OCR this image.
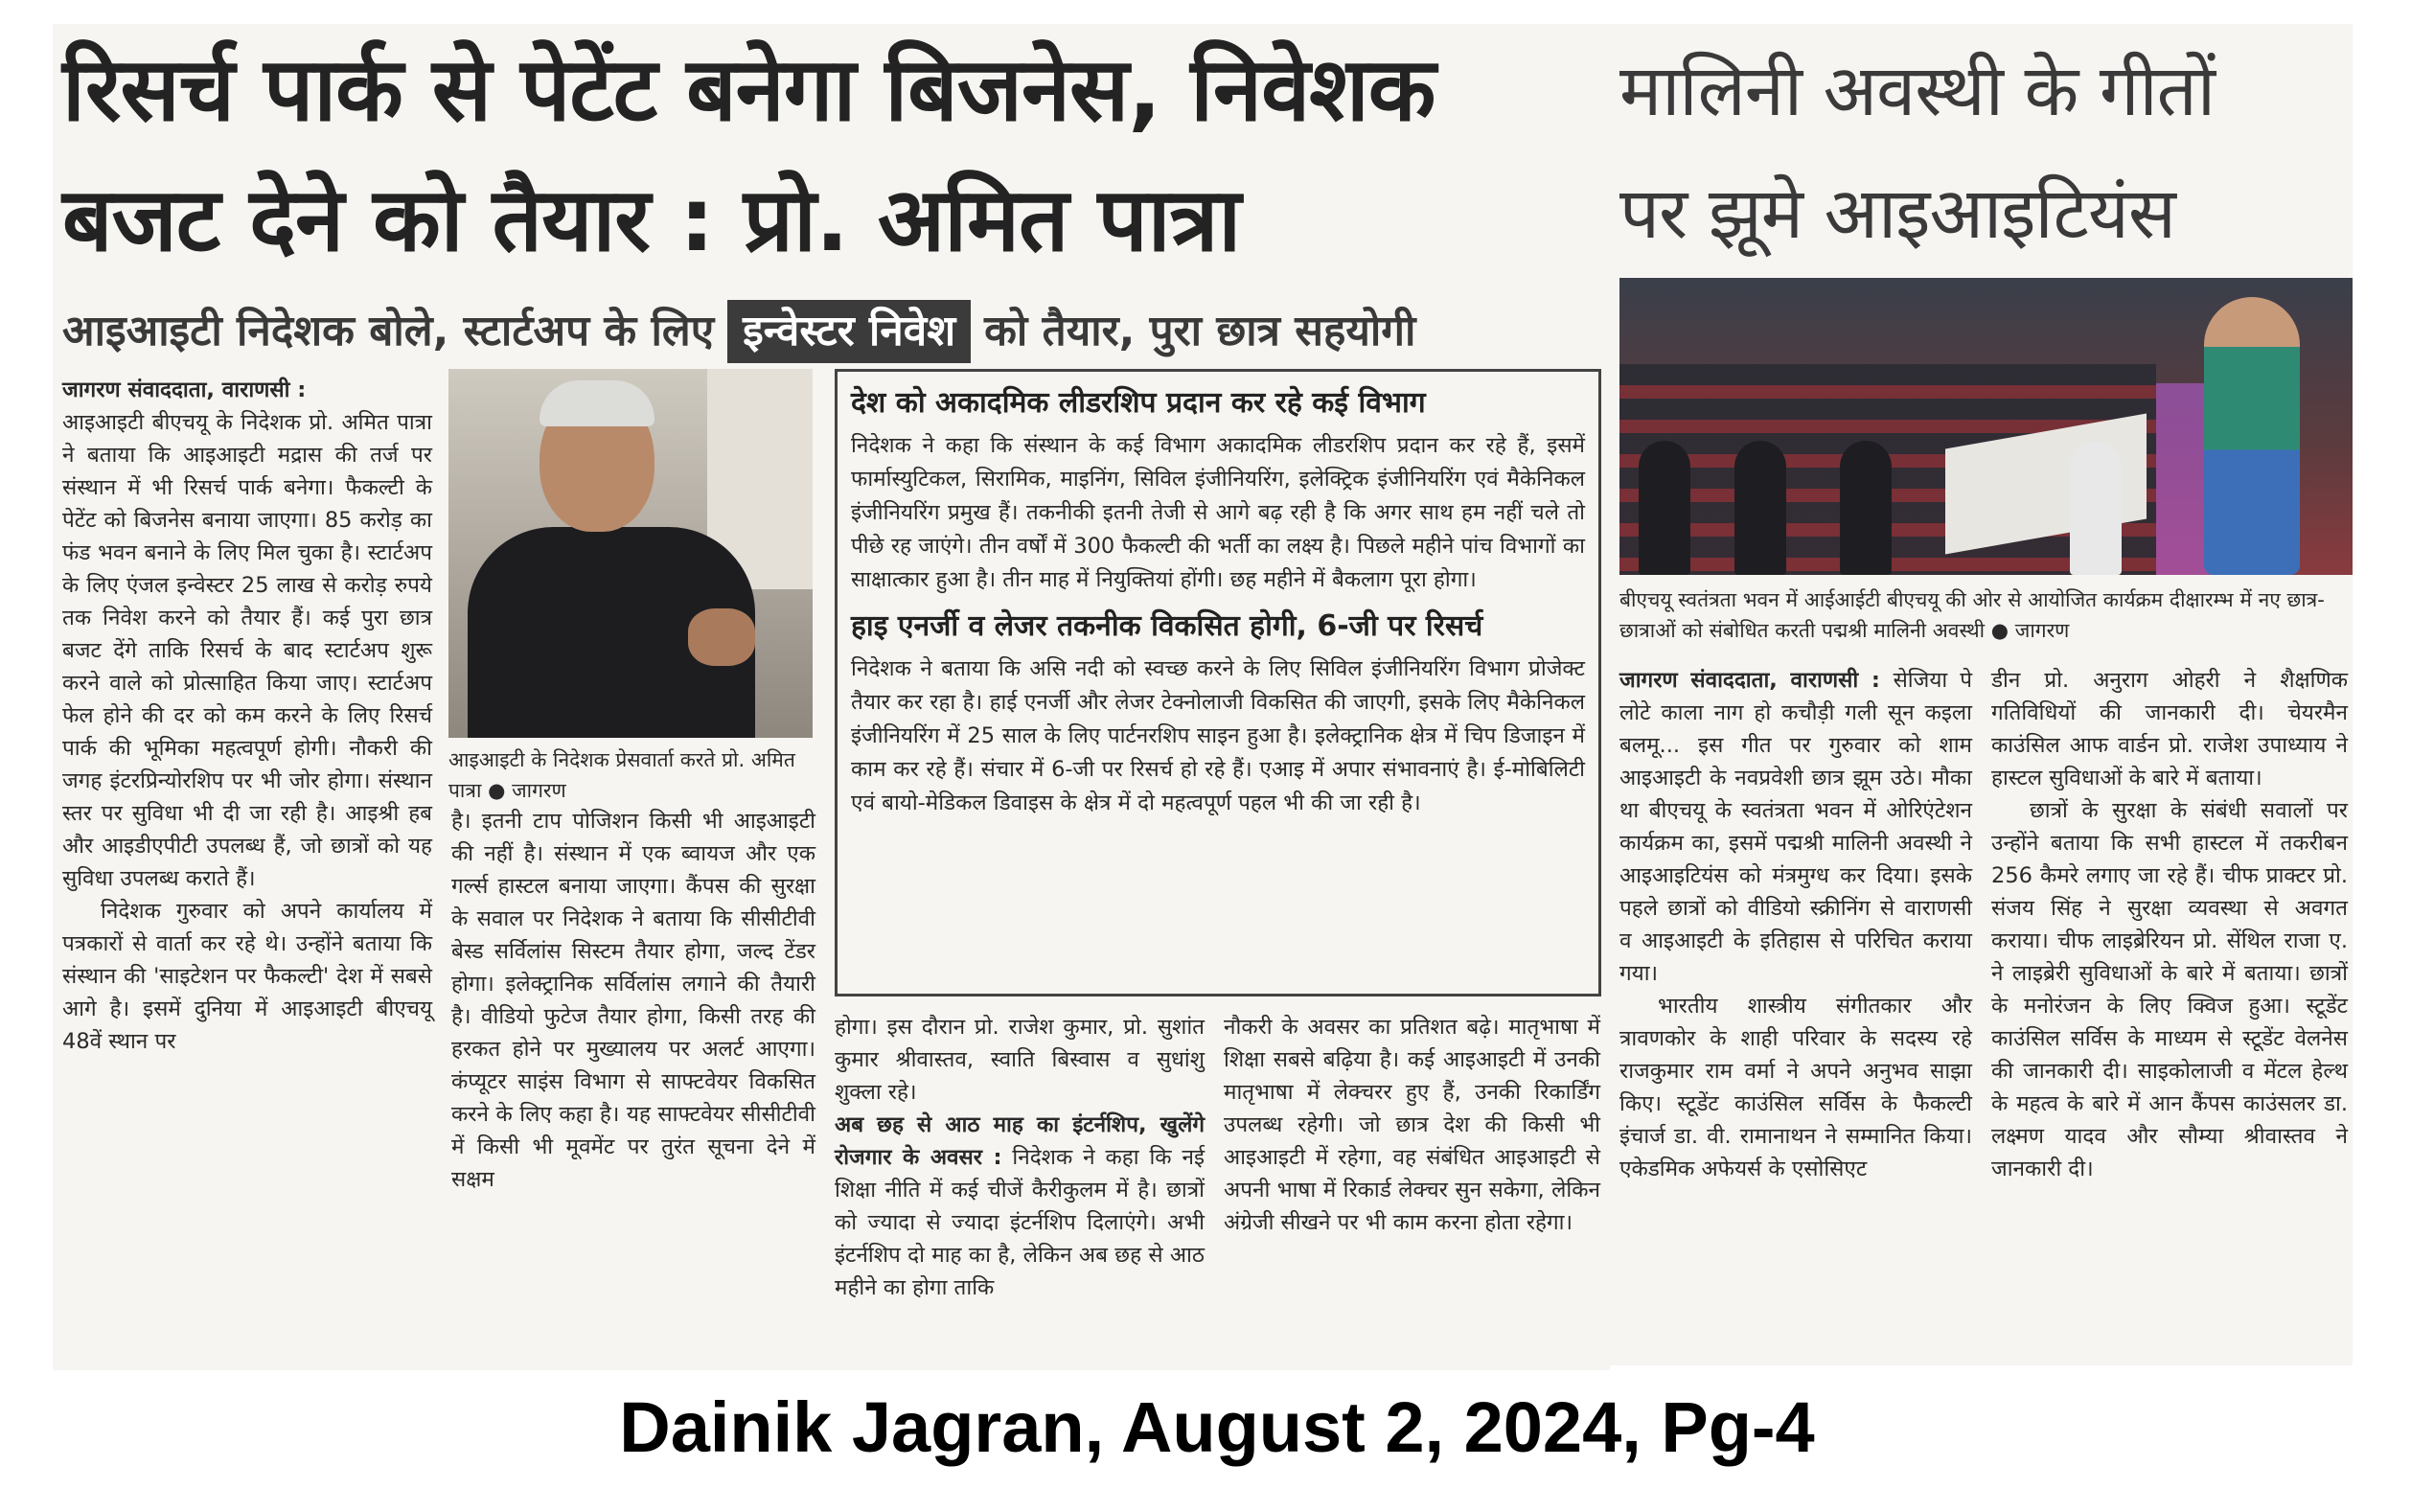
रिसर्च पार्क से पेटेंट बनेगा बिजनेस, निवेशक
बजट देने को तैयार : प्रो. अमित पात्रा
आइआइटी निदेशक बोले, स्टार्टअप के लिए इन्वेस्टर निवेश को तैयार, पुरा छात्र सहयोगी

जागरण संवाददाता, वाराणसी :

आइआइटी बीएचयू के निदेशक प्रो. अमित पात्रा ने बताया कि आइआइटी मद्रास की तर्ज पर संस्थान में भी रिसर्च पार्क बनेगा। फैकल्टी के पेटेंट को बिजनेस बनाया जाएगा। 85 करोड़ का फंड भवन बनाने के लिए मिल चुका है। स्टार्टअप के लिए एंजल इन्वेस्टर 25 लाख से करोड़ रुपये तक निवेश करने को तैयार हैं। कई पुरा छात्र बजट देंगे ताकि रिसर्च के बाद स्टार्टअप शुरू करने वाले को प्रोत्साहित किया जाए। स्टार्टअप फेल होने की दर को कम करने के लिए रिसर्च पार्क की भूमिका महत्वपूर्ण होगी। नौकरी की जगह इंटरप्रिन्योरशिप पर भी जोर होगा। संस्थान स्तर पर सुविधा भी दी जा रही है। आइश्री हब और आइडीएपीटी उपलब्ध हैं, जो छात्रों को यह सुविधा उपलब्ध कराते हैं।

निदेशक गुरुवार को अपने कार्यालय में पत्रकारों से वार्ता कर रहे थे। उन्होंने बताया कि संस्थान की 'साइटेशन पर फैकल्टी' देश में सबसे आगे है। इसमें दुनिया में आइआइटी बीएचयू 48वें स्थान पर

आइआइटी के निदेशक प्रेसवार्ता करते प्रो. अमित पात्रा ● जागरण

है। इतनी टाप पोजिशन किसी भी आइआइटी की नहीं है। संस्थान में एक ब्वायज और एक गर्ल्स हास्टल बनाया जाएगा। कैंपस की सुरक्षा के सवाल पर निदेशक ने बताया कि सीसीटीवी बेस्ड सर्विलांस सिस्टम तैयार होगा, जल्द टेंडर होगा। इलेक्ट्रानिक सर्विलांस लगाने की तैयारी है। वीडियो फुटेज तैयार होगा, किसी तरह की हरकत होने पर मुख्यालय पर अलर्ट आएगा। कंप्यूटर साइंस विभाग से साफ्टवेयर विकसित करने के लिए कहा है। यह साफ्टवेयर सीसीटीवी में किसी भी मूवमेंट पर तुरंत सूचना देने में सक्षम

देश को अकादमिक लीडरशिप प्रदान कर रहे कई विभाग

निदेशक ने कहा कि संस्थान के कई विभाग अकादमिक लीडरशिप प्रदान कर रहे हैं, इसमें फार्मास्युटिकल, सिरामिक, माइनिंग, सिविल इंजीनियरिंग, इलेक्ट्रिक इंजीनियरिंग एवं मैकेनिकल इंजीनियरिंग प्रमुख हैं। तकनीकी इतनी तेजी से आगे बढ़ रही है कि अगर साथ हम नहीं चले तो पीछे रह जाएंगे। तीन वर्षों में 300 फैकल्टी की भर्ती का लक्ष्य है। पिछले महीने पांच विभागों का साक्षात्कार हुआ है। तीन माह में नियुक्तियां होंगी। छह महीने में बैकलाग पूरा होगा।

हाइ एनर्जी व लेजर तकनीक विकसित होगी, 6-जी पर रिसर्च

निदेशक ने बताया कि असि नदी को स्वच्छ करने के लिए सिविल इंजीनियरिंग विभाग प्रोजेक्ट तैयार कर रहा है। हाई एनर्जी और लेजर टेक्नोलाजी विकसित की जाएगी, इसके लिए मैकेनिकल इंजीनियरिंग में 25 साल के लिए पार्टनरशिप साइन हुआ है। इलेक्ट्रानिक क्षेत्र में चिप डिजाइन में काम कर रहे हैं। संचार में 6-जी पर रिसर्च हो रहे हैं। एआइ में अपार संभावनाएं है। ई-मोबिलिटी एवं बायो-मेडिकल डिवाइस के क्षेत्र में दो महत्वपूर्ण पहल भी की जा रही है।

होगा। इस दौरान प्रो. राजेश कुमार, प्रो. सुशांत कुमार श्रीवास्तव, स्वाति बिस्वास व सुधांशु शुक्ला रहे।

अब छह से आठ माह का इंटर्नशिप, खुलेंगे रोजगार के अवसर : निदेशक ने कहा कि नई शिक्षा नीति में कई चीजें कैरीकुलम में है। छात्रों को ज्यादा से ज्यादा इंटर्नशिप दिलाएंगे। अभी इंटर्नशिप दो माह का है, लेकिन अब छह से आठ महीने का होगा ताकि

नौकरी के अवसर का प्रतिशत बढ़े। मातृभाषा में शिक्षा सबसे बढ़िया है। कई आइआइटी में उनकी मातृभाषा में लेक्चरर हुए हैं, उनकी रिकार्डिंग उपलब्ध रहेगी। जो छात्र देश की किसी भी आइआइटी में रहेगा, वह संबंधित आइआइटी से अपनी भाषा में रिकार्ड लेक्चर सुन सकेगा, लेकिन अंग्रेजी सीखने पर भी काम करना होता रहेगा।

मालिनी अवस्थी के गीतों
पर झूमे आइआइटियंस
बीएचयू स्वतंत्रता भवन में आईआईटी बीएचयू की ओर से आयोजित कार्यक्रम दीक्षारम्भ में नए छात्र-छात्राओं को संबोधित करती पद्मश्री मालिनी अवस्थी ● जागरण

जागरण संवाददाता, वाराणसी : सेजिया पे लोटे काला नाग हो कचौड़ी गली सून कइला बलमू... इस गीत पर गुरुवार को शाम आइआइटी के नवप्रवेशी छात्र झूम उठे। मौका था बीएचयू के स्वतंत्रता भवन में ओरिएंटेशन कार्यक्रम का, इसमें पद्मश्री मालिनी अवस्थी ने आइआइटियंस को मंत्रमुग्ध कर दिया। इसके पहले छात्रों को वीडियो स्क्रीनिंग से वाराणसी व आइआइटी के इतिहास से परिचित कराया गया।

भारतीय शास्त्रीय संगीतकार और त्रावणकोर के शाही परिवार के सदस्य रहे राजकुमार राम वर्मा ने अपने अनुभव साझा किए। स्टूडेंट काउंसिल सर्विस के फैकल्टी इंचार्ज डा. वी. रामानाथन ने सम्मानित किया। एकेडमिक अफेयर्स के एसोसिएट

डीन प्रो. अनुराग ओहरी ने शैक्षणिक गतिविधियों की जानकारी दी। चेयरमैन काउंसिल आफ वार्डन प्रो. राजेश उपाध्याय ने हास्टल सुविधाओं के बारे में बताया।

छात्रों के सुरक्षा के संबंधी सवालों पर उन्होंने बताया कि सभी हास्टल में तकरीबन 256 कैमरे लगाए जा रहे हैं। चीफ प्राक्टर प्रो. संजय सिंह ने सुरक्षा व्यवस्था से अवगत कराया। चीफ लाइब्रेरियन प्रो. सेंथिल राजा ए. ने लाइब्रेरी सुविधाओं के बारे में बताया। छात्रों के मनोरंजन के लिए क्विज हुआ। स्टूडेंट काउंसिल सर्विस के माध्यम से स्टूडेंट वेलनेस की जानकारी दी। साइकोलाजी व मेंटल हेल्थ के महत्व के बारे में आन कैंपस काउंसलर डा. लक्ष्मण यादव और सौम्या श्रीवास्तव ने जानकारी दी।

Dainik Jagran, August 2, 2024, Pg-4
